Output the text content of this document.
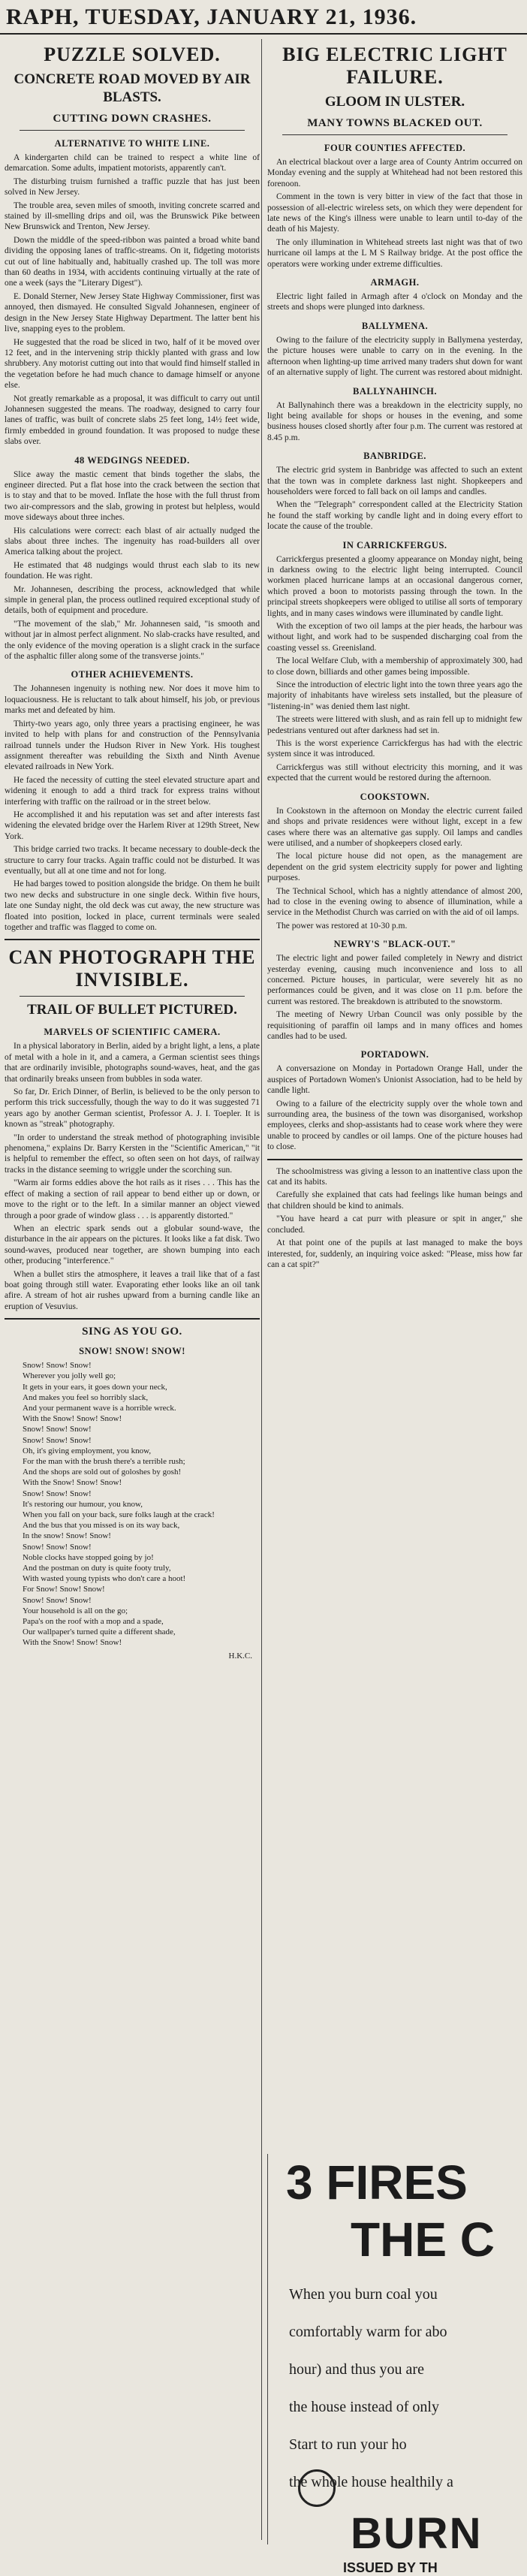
RAPH, TUESDAY, JANUARY 21, 1936.
PUZZLE SOLVED.
CONCRETE ROAD MOVED BY AIR BLASTS.
CUTTING DOWN CRASHES.
ALTERNATIVE TO WHITE LINE.

A kindergarten child can be trained to respect a white line of demarcation. Some adults, impatient motorists, apparently can't.

The disturbing truism furnished a traffic puzzle that has just been solved in New Jersey.

The trouble area, seven miles of smooth, inviting concrete scarred and stained by ill-smelling drips and oil, was the Brunswick Pike between New Brunswick and Trenton, New Jersey.

Down the middle of the speed-ribbon was painted a broad white band dividing the opposing lanes of traffic-streams. On it, fidgeting motorists cut out of line habitually and, habitually crashed up. The toll was more than 60 deaths in 1934, with accidents continuing virtually at the rate of one a week (says the "Literary Digest").

E. Donald Sterner, New Jersey State Highway Commissioner, first was annoyed, then dismayed. He consulted Sigvald Johannesen, engineer of design in the New Jersey State Highway Department. The latter bent his live, snapping eyes to the problem.

He suggested that the road be sliced in two, half of it be moved over 12 feet, and in the intervening strip thickly planted with grass and low shrubbery. Any motorist cutting out into that would find himself stalled in the vegetation before he had much chance to damage himself or anyone else.

Not greatly remarkable as a proposal, it was difficult to carry out until Johannesen suggested the means. The roadway, designed to carry four lanes of traffic, was built of concrete slabs 25 feet long, 14½ feet wide, firmly embedded in ground foundation. It was proposed to nudge these slabs over.

48 WEDGINGS NEEDED.

Slice away the mastic cement that binds together the slabs, the engineer directed. Put a flat hose into the crack between the section that is to stay and that to be moved. Inflate the hose with the full thrust from two air-compressors and the slab, growing in protest but helpless, would move sideways about three inches.

His calculations were correct: each blast of air actually nudged the slabs about three inches. The ingenuity has road-builders all over America talking about the project.

He estimated that 48 nudgings would thrust each slab to its new foundation. He was right.

Mr. Johannesen, describing the process, acknowledged that while simple in general plan, the process outlined required exceptional study of details, both of equipment and procedure.

"The movement of the slab," Mr. Johannesen said, "is smooth and without jar in almost perfect alignment. No slab-cracks have resulted, and the only evidence of the moving operation is a slight crack in the surface of the asphaltic filler along some of the transverse joints."

OTHER ACHIEVEMENTS.

The Johannesen ingenuity is nothing new. Nor does it move him to loquaciousness. He is reluctant to talk about himself, his job, or previous marks met and defeated by him.

Thirty-two years ago, only three years a practising engineer, he was invited to help with plans for and construction of the Pennsylvania railroad tunnels under the Hudson River in New York. His toughest assignment thereafter was rebuilding the Sixth and Ninth Avenue elevated railroads in New York.

He faced the necessity of cutting the steel elevated structure apart and widening it enough to add a third track for express trains without interfering with traffic on the railroad or in the street below.

He accomplished it and his reputation was set and after interests fast widening the elevated bridge over the Harlem River at 129th Street, New York.

This bridge carried two tracks. It became necessary to double-deck the structure to carry four tracks. Again traffic could not be disturbed. It was eventually, but all at one time and not for long.

He had barges towed to position alongside the bridge. On them he built two new decks and substructure in one single deck. Within five hours, late one Sunday night, the old deck was cut away, the new structure was floated into position, locked in place, current terminals were sealed together and traffic was flagged to come on.

CAN PHOTOGRAPH THE INVISIBLE.
TRAIL OF BULLET PICTURED.
MARVELS OF SCIENTIFIC CAMERA.

In a physical laboratory in Berlin, aided by a bright light, a lens, a plate of metal with a hole in it, and a camera, a German scientist sees things that are ordinarily invisible, photographs sound-waves, heat, and the gas that ordinarily breaks unseen from bubbles in soda water.

So far, Dr. Erich Dinner, of Berlin, is believed to be the only person to perform this trick successfully, though the way to do it was suggested 71 years ago by another German scientist, Professor A. J. I. Toepler. It is known as "streak" photography.

"In order to understand the streak method of photographing invisible phenomena," explains Dr. Barry Kersten in the "Scientific American," "it is helpful to remember the effect, so often seen on hot days, of railway tracks in the distance seeming to wriggle under the scorching sun.

"Warm air forms eddies above the hot rails as it rises . . . This has the effect of making a section of rail appear to bend either up or down, or move to the right or to the left. In a similar manner an object viewed through a poor grade of window glass . . . is apparently distorted."

When an electric spark sends out a globular sound-wave, the disturbance in the air appears on the pictures. It looks like a fat disk. Two sound-waves, produced near together, are shown bumping into each other, producing "interference."

When a bullet stirs the atmosphere, it leaves a trail like that of a fast boat going through still water. Evaporating ether looks like an oil tank afire. A stream of hot air rushes upward from a burning candle like an eruption of Vesuvius.

SING AS YOU GO.
SNOW! SNOW! SNOW!

Snow! Snow! Snow!

Wherever you jolly well go;

It gets in your ears, it goes down your neck,

And makes you feel so horribly slack,

And your permanent wave is a horrible wreck.

With the Snow! Snow! Snow!

Snow! Snow! Snow!

Snow! Snow! Snow!

Oh, it's giving employment, you know,

For the man with the brush there's a terrible rush;

And the shops are sold out of goloshes by gosh!

With the Snow! Snow! Snow!

Snow! Snow! Snow!

It's restoring our humour, you know,

When you fall on your back, sure folks laugh at the crack!

And the bus that you missed is on its way back,

In the snow! Snow! Snow!

Snow! Snow! Snow!

Noble clocks have stopped going by jo!

And the postman on duty is quite footy truly,

With wasted young typists who don't care a hoot!

For Snow! Snow! Snow!

Snow! Snow! Snow!

Your household is all on the go;

Papa's on the roof with a mop and a spade,

Our wallpaper's turned quite a different shade,

With the Snow! Snow! Snow!

H.K.C.
BIG ELECTRIC LIGHT FAILURE.
GLOOM IN ULSTER.
MANY TOWNS BLACKED OUT.
FOUR COUNTIES AFFECTED.

An electrical blackout over a large area of County Antrim occurred on Monday evening and the supply at Whitehead had not been restored this forenoon.

Comment in the town is very bitter in view of the fact that those in possession of all-electric wireless sets, on which they were dependent for late news of the King's illness were unable to learn until to-day of the death of his Majesty.

The only illumination in Whitehead streets last night was that of two hurricane oil lamps at the L M S Railway bridge. At the post office the operators were working under extreme difficulties.

ARMAGH.

Electric light failed in Armagh after 4 o'clock on Monday and the streets and shops were plunged into darkness.

BALLYMENA.

Owing to the failure of the electricity supply in Ballymena yesterday, the picture houses were unable to carry on in the evening. In the afternoon when lighting-up time arrived many traders shut down for want of an alternative supply of light. The current was restored about midnight.

BALLYNAHINCH.

At Ballynahinch there was a breakdown in the electricity supply, no light being available for shops or houses in the evening, and some business houses closed shortly after four p.m. The current was restored at 8.45 p.m.

BANBRIDGE.

The electric grid system in Banbridge was affected to such an extent that the town was in complete darkness last night. Shopkeepers and householders were forced to fall back on oil lamps and candles.

When the "Telegraph" correspondent called at the Electricity Station he found the staff working by candle light and in doing every effort to locate the cause of the trouble.

IN CARRICKFERGUS.

Carrickfergus presented a gloomy appearance on Monday night, being in darkness owing to the electric light being interrupted. Council workmen placed hurricane lamps at an occasional dangerous corner, which proved a boon to motorists passing through the town. In the principal streets shopkeepers were obliged to utilise all sorts of temporary lights, and in many cases windows were illuminated by candle light.

With the exception of two oil lamps at the pier heads, the harbour was without light, and work had to be suspended discharging coal from the coasting vessel ss. Greenisland.

The local Welfare Club, with a membership of approximately 300, had to close down, billiards and other games being impossible.

Since the introduction of electric light into the town three years ago the majority of inhabitants have wireless sets installed, but the pleasure of "listening-in" was denied them last night.

The streets were littered with slush, and as rain fell up to midnight few pedestrians ventured out after darkness had set in.

This is the worst experience Carrickfergus has had with the electric system since it was introduced.

Carrickfergus was still without electricity this morning, and it was expected that the current would be restored during the afternoon.

COOKSTOWN.

In Cookstown in the afternoon on Monday the electric current failed and shops and private residences were without light, except in a few cases where there was an alternative gas supply. Oil lamps and candles were utilised, and a number of shopkeepers closed early.

The local picture house did not open, as the management are dependent on the grid system electricity supply for power and lighting purposes.

The Technical School, which has a nightly attendance of almost 200, had to close in the evening owing to absence of illumination, while a service in the Methodist Church was carried on with the aid of oil lamps.

The power was restored at 10-30 p.m.

NEWRY'S "BLACK-OUT."

The electric light and power failed completely in Newry and district yesterday evening, causing much inconvenience and loss to all concerned. Picture houses, in particular, were severely hit as no performances could be given, and it was close on 11 p.m. before the current was restored. The breakdown is attributed to the snowstorm.

The meeting of Newry Urban Council was only possible by the requisitioning of paraffin oil lamps and in many offices and homes candles had to be used.

PORTADOWN.

A conversazione on Monday in Portadown Orange Hall, under the auspices of Portadown Women's Unionist Association, had to be held by candle light.

Owing to a failure of the electricity supply over the whole town and surrounding area, the business of the town was disorganised, workshop employees, clerks and shop-assistants had to cease work where they were unable to proceed by candles or oil lamps. One of the picture houses had to close.

The schoolmistress was giving a lesson to an inattentive class upon the cat and its habits.

Carefully she explained that cats had feelings like human beings and that children should be kind to animals.

"You have heard a cat purr with pleasure or spit in anger," she concluded.

At that point one of the pupils at last managed to make the boys interested, for, suddenly, an inquiring voice asked: "Please, miss how far can a cat spit?"

3 FIRES
THE C

When you burn coal you

comfortably warm for abo

hour) and thus you are

the house instead of only

Start to run your ho

the whole house healthily a

BURN
ISSUED BY TH
